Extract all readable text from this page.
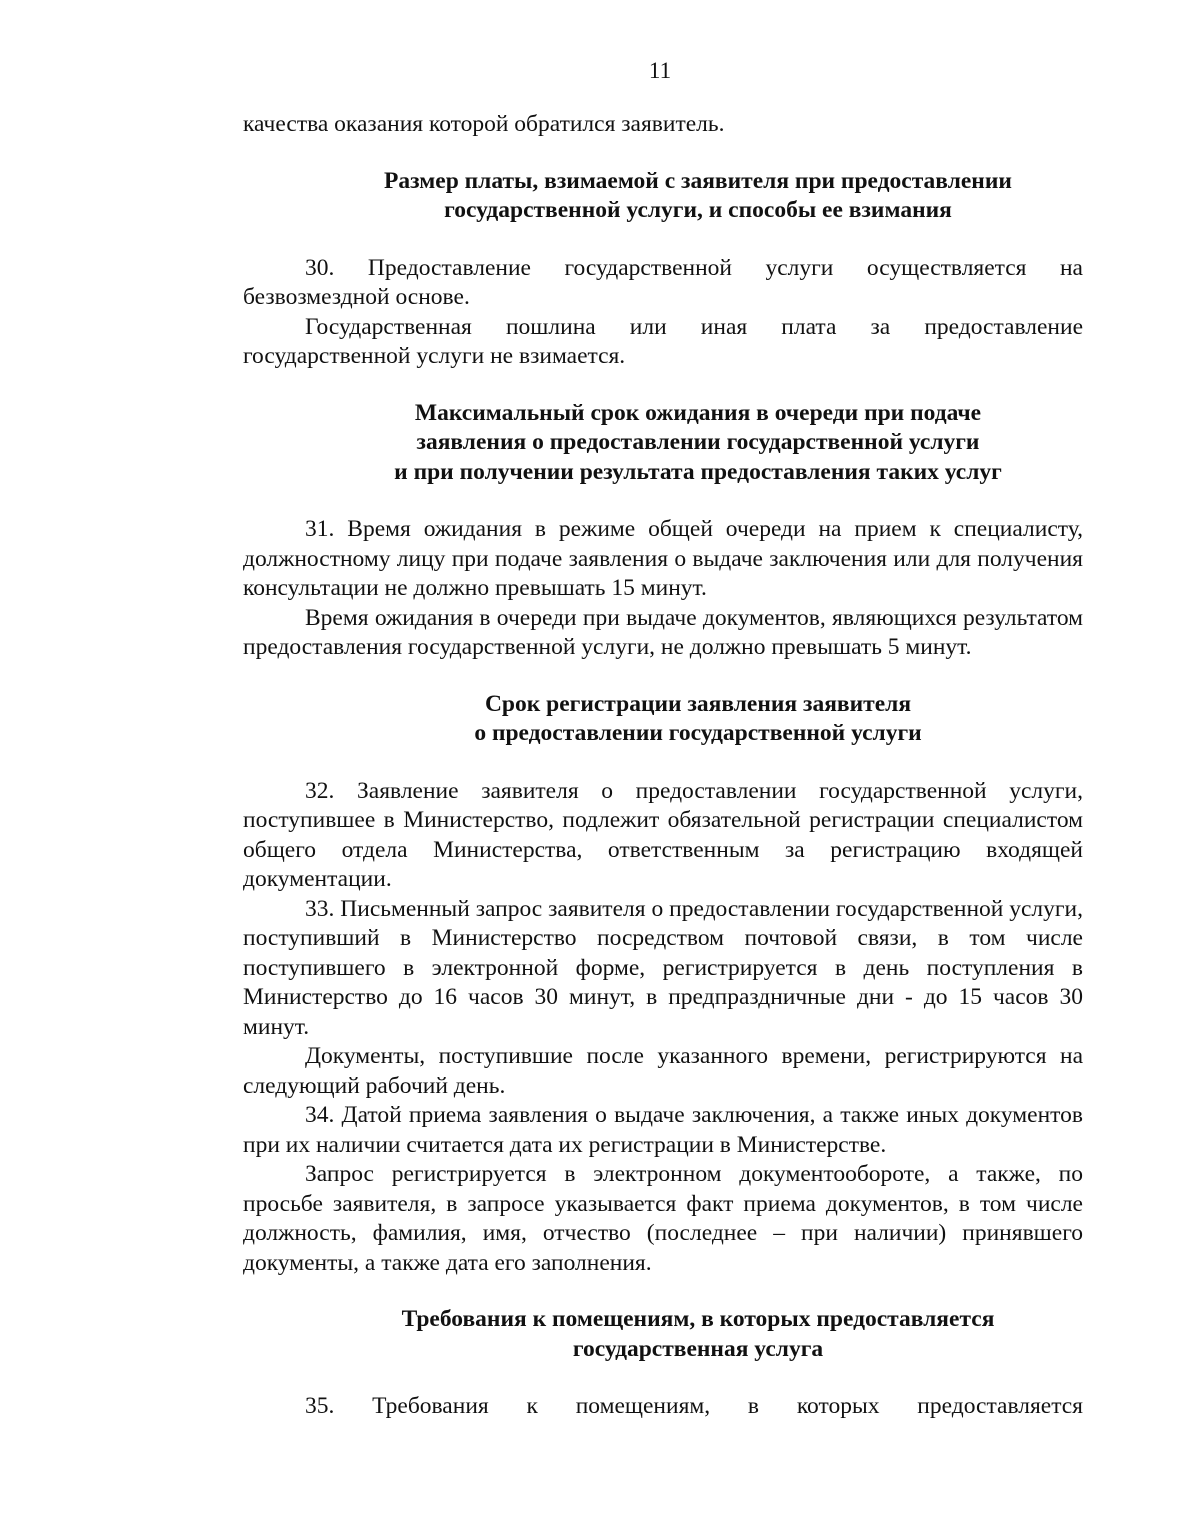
11

качества оказания которой обратился заявитель.

Размер платы, взимаемой с заявителя при предоставлении
государственной услуги, и способы ее взимания

30. Предоставление государственной услуги осуществляется на безвозмездной основе.

Государственная пошлина или иная плата за предоставление государственной услуги не взимается.

Максимальный срок ожидания в очереди при подаче
заявления о предоставлении государственной услуги
и при получении результата предоставления таких услуг

31. Время ожидания в режиме общей очереди на прием к специалисту, должностному лицу при подаче заявления о выдаче заключения или для получения консультации не должно превышать 15 минут.

Время ожидания в очереди при выдаче документов, являющихся результатом предоставления государственной услуги, не должно превышать 5 минут.

Срок регистрации заявления заявителя
о предоставлении государственной услуги

32. Заявление заявителя о предоставлении государственной услуги, поступившее в Министерство, подлежит обязательной регистрации специалистом общего отдела Министерства, ответственным за регистрацию входящей документации.

33. Письменный запрос заявителя о предоставлении государственной услуги, поступивший в Министерство посредством почтовой связи, в том числе поступившего в электронной форме, регистрируется в день поступления в Министерство до 16 часов 30 минут, в предпраздничные дни - до 15 часов 30 минут.

Документы, поступившие после указанного времени, регистрируются на следующий рабочий день.

34. Датой приема заявления о выдаче заключения, а также иных документов при их наличии считается дата их регистрации в Министерстве.

Запрос регистрируется в электронном документообороте, а также, по просьбе заявителя, в запросе указывается факт приема документов, в том числе должность, фамилия, имя, отчество (последнее – при наличии) принявшего документы, а также дата его заполнения.

Требования к помещениям, в которых предоставляется
государственная услуга

35. Требования к помещениям, в которых предоставляется
